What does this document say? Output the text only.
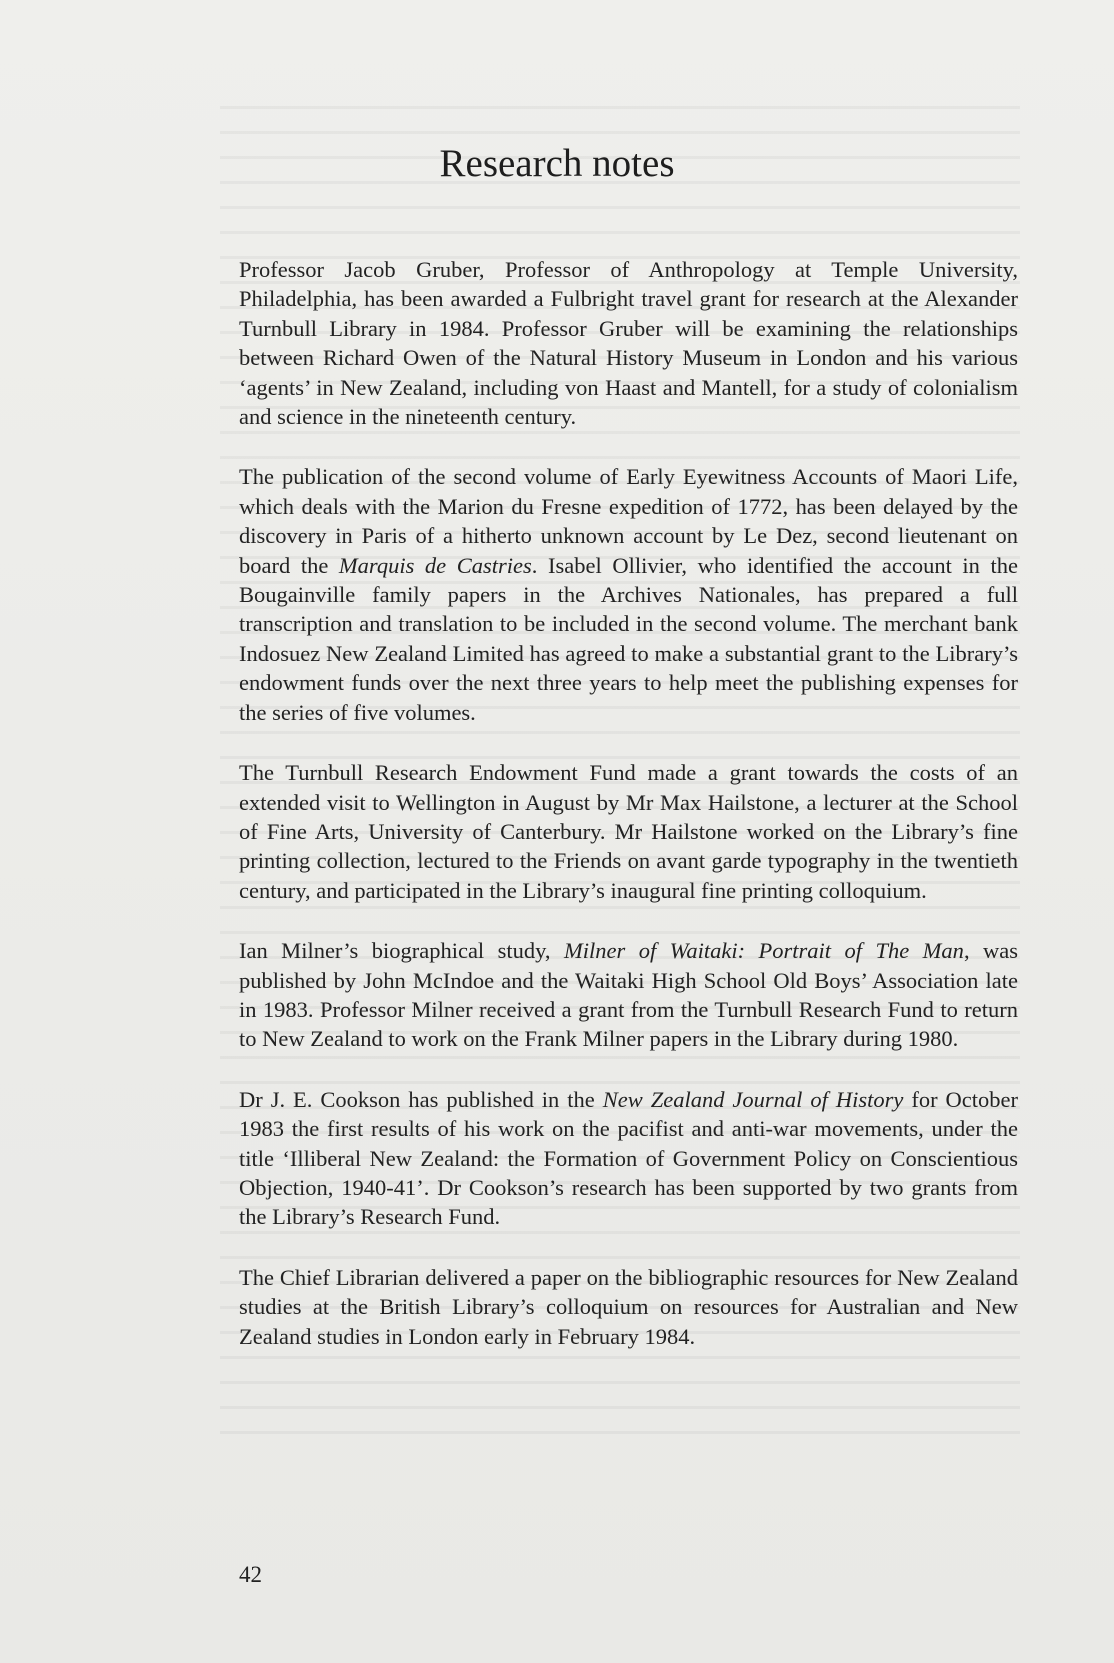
Research notes

Professor Jacob Gruber, Professor of Anthropology at Temple University, Philadelphia, has been awarded a Fulbright travel grant for research at the Alexander Turnbull Library in 1984. Professor Gruber will be examining the relationships between Richard Owen of the Natural History Museum in London and his various ‘agents’ in New Zealand, including von Haast and Mantell, for a study of colonialism and science in the nineteenth century.

The publication of the second volume of Early Eyewitness Accounts of Maori Life, which deals with the Marion du Fresne expedition of 1772, has been delayed by the discovery in Paris of a hitherto unknown account by Le Dez, second lieutenant on board the Marquis de Castries. Isabel Ollivier, who identified the account in the Bougainville family papers in the Archives Nationales, has prepared a full transcription and translation to be included in the second volume. The merchant bank Indosuez New Zealand Limited has agreed to make a substantial grant to the Library’s endowment funds over the next three years to help meet the publishing expenses for the series of five volumes.

The Turnbull Research Endowment Fund made a grant towards the costs of an extended visit to Wellington in August by Mr Max Hailstone, a lecturer at the School of Fine Arts, University of Canterbury. Mr Hailstone worked on the Library’s fine printing collection, lectured to the Friends on avant garde typography in the twentieth century, and participated in the Library’s inaugural fine printing colloquium.

Ian Milner’s biographical study, Milner of Waitaki: Portrait of The Man, was published by John McIndoe and the Waitaki High School Old Boys’ Association late in 1983. Professor Milner received a grant from the Turnbull Research Fund to return to New Zealand to work on the Frank Milner papers in the Library during 1980.

Dr J. E. Cookson has published in the New Zealand Journal of History for October 1983 the first results of his work on the pacifist and anti-war movements, under the title ‘Illiberal New Zealand: the Formation of Government Policy on Conscientious Objection, 1940-41’. Dr Cookson’s research has been supported by two grants from the Library’s Research Fund.

The Chief Librarian delivered a paper on the bibliographic resources for New Zealand studies at the British Library’s colloquium on resources for Australian and New Zealand studies in London early in February 1984.

42
